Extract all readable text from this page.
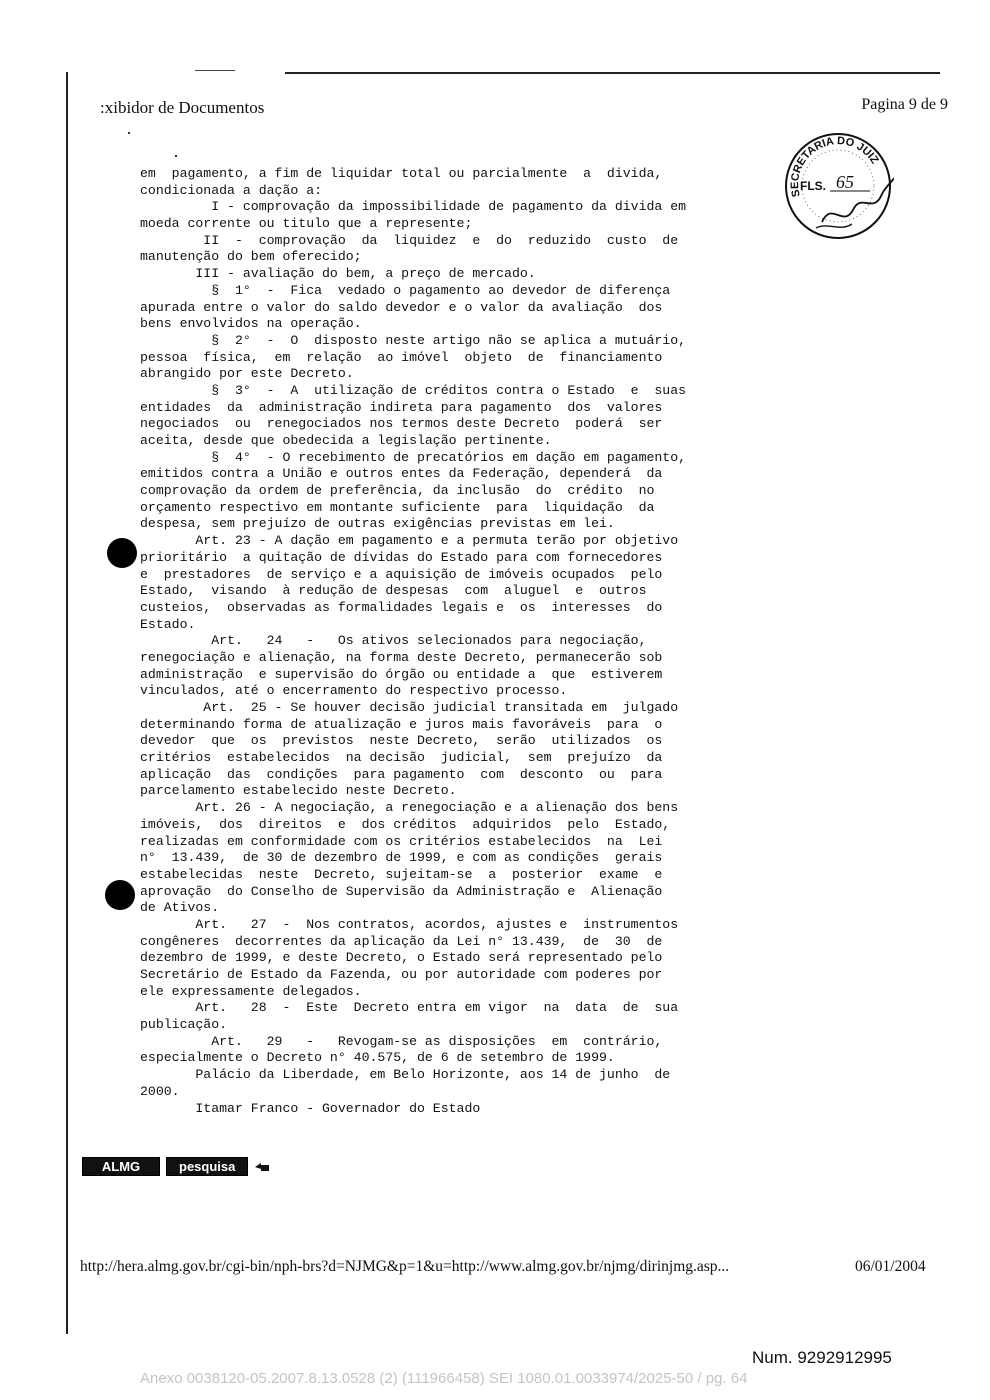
:xibidor de Documentos	Pagina 9 de 9
SECRETARIA DO JUIZ
FLS. 65
em  pagamento, a fim de liquidar total ou parcialmente  a  divida,
condicionada a dação a:
I - comprovação da impossibilidade de pagamento da divida em
moeda corrente ou titulo que a represente;
II  -  comprovação  da  liquidez  e  do  reduzido  custo  de
manutenção do bem oferecido;
III - avaliação do bem, a preço de mercado.
§  1°  -  Fica  vedado o pagamento ao devedor de diferença
apurada entre o valor do saldo devedor e o valor da avaliação  dos
bens envolvidos na operação.
§  2°  -  O  disposto neste artigo não se aplica a mutuário,
pessoa  física,  em  relação  ao imóvel  objeto  de  financiamento
abrangido por este Decreto.
§  3°  -  A  utilização de créditos contra o Estado  e  suas
entidades  da  administração indireta para pagamento  dos  valores
negociados  ou  renegociados nos termos deste Decreto  poderá  ser
aceita, desde que obedecida a legislação pertinente.
§  4°  - O recebimento de precatórios em dação em pagamento,
emitidos contra a União e outros entes da Federação, dependerá  da
comprovação da ordem de preferência, da inclusão  do  crédito  no
orçamento respectivo em montante suficiente  para  liquidação  da
despesa, sem prejuízo de outras exigências previstas em lei.
Art. 23 - A dação em pagamento e a permuta terão por objetivo
prioritário  a quitação de dívidas do Estado para com fornecedores
e  prestadores  de serviço e a aquisição de imóveis ocupados  pelo
Estado,  visando  à redução de despesas  com  aluguel  e  outros
custeios,  observadas as formalidades legais e  os  interesses  do
Estado.
Art.   24   -   Os ativos selecionados para negociação,
renegociação e alienação, na forma deste Decreto, permanecerão sob
administração  e supervisão do órgão ou entidade a  que  estiverem
vinculados, até o encerramento do respectivo processo.
Art.  25 - Se houver decisão judicial transitada em  julgado
determinando forma de atualização e juros mais favoráveis  para  o
devedor  que  os  previstos  neste Decreto,  serão  utilizados  os
critérios  estabelecidos  na decisão  judicial,  sem  prejuízo  da
aplicação  das  condições  para pagamento  com  desconto  ou  para
parcelamento estabelecido neste Decreto.
Art. 26 - A negociação, a renegociação e a alienação dos bens
imóveis,  dos  direitos  e  dos créditos  adquiridos  pelo  Estado,
realizadas em conformidade com os critérios estabelecidos  na  Lei
n°  13.439,  de 30 de dezembro de 1999, e com as condições  gerais
estabelecidas  neste  Decreto, sujeitam-se  a  posterior  exame  e
aprovação  do Conselho de Supervisão da Administração e  Alienação
de Ativos.
Art.   27  -  Nos contratos, acordos, ajustes e  instrumentos
congêneres  decorrentes da aplicação da Lei n° 13.439,  de  30  de
dezembro de 1999, e deste Decreto, o Estado será representado pelo
Secretário de Estado da Fazenda, ou por autoridade com poderes por
ele expressamente delegados.
Art.   28  -  Este  Decreto entra em vigor  na  data  de  sua
publicação.
Art.   29   -   Revogam-se as disposições  em  contrário,
especialmente o Decreto n° 40.575, de 6 de setembro de 1999.
Palácio da Liberdade, em Belo Horizonte, aos 14 de junho  de
2000.
Itamar Franco - Governador do Estado
ALMG	pesquisa
http://hera.almg.gov.br/cgi-bin/nph-brs?d=NJMG&p=1&u=http://www.almg.gov.br/njmg/dirinjmg.asp...	06/01/2004
Num. 9292912995
Anexo 0038120-05.2007.8.13.0528 (2) (111966458) SEI 1080.01.0033974/2025-50 / pg. 64
